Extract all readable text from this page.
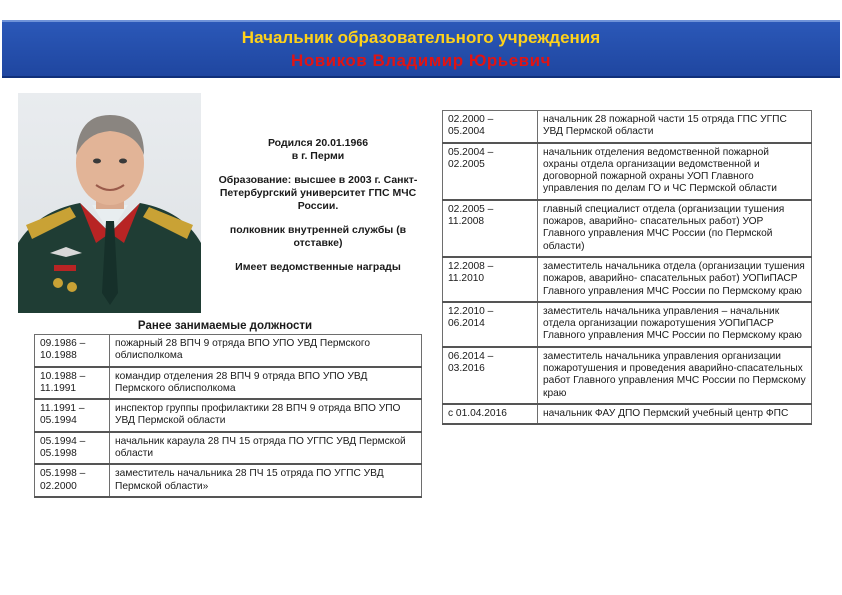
Начальник образовательного учреждения
Новиков Владимир Юрьевич

Родился 20.01.1966
в г. Перми

Образование: высшее в 2003 г. Санкт-Петербургский университет ГПС МЧС России.

полковник внутренней службы (в отставке)

Имеет ведомственные награды

Ранее занимаемые должности
09.1986 – 10.1988	пожарный 28 ВПЧ 9 отряда ВПО УПО УВД Пермского облисполкома
10.1988 – 11.1991	командир отделения 28 ВПЧ 9 отряда ВПО УПО УВД Пермского облисполкома
11.1991 – 05.1994	инспектор группы профилактики 28 ВПЧ 9 отряда ВПО УПО УВД Пермской области
05.1994 – 05.1998	начальник караула 28 ПЧ 15 отряда ПО УГПС УВД Пермской области
05.1998 – 02.2000	заместитель начальника 28 ПЧ 15 отряда ПО УГПС УВД Пермской области»
02.2000 – 05.2004	начальник 28 пожарной части 15 отряда ГПС УГПС УВД Пермской области
05.2004 – 02.2005	начальник отделения ведомственной пожарной охраны отдела организации ведомственной и договорной пожарной охраны УОП Главного управления по делам ГО и ЧС Пермской области
02.2005 – 11.2008	главный специалист отдела (организации тушения пожаров, аварийно- спасательных работ) УОР Главного управления МЧС России (по Пермской области)
12.2008 – 11.2010	заместитель начальника отдела (организации тушения пожаров, аварийно- спасательных работ) УОПиПАСР Главного управления МЧС России по Пермскому краю
12.2010 – 06.2014	заместитель начальника управления – начальник отдела организации пожаротушения УОПиПАСР Главного управления МЧС России по Пермскому краю
06.2014 – 03.2016	заместитель начальника управления организации пожаротушения и проведения аварийно-спасательных работ Главного управления МЧС России по Пермскому краю
с 01.04.2016	начальник ФАУ ДПО Пермский учебный центр ФПС
